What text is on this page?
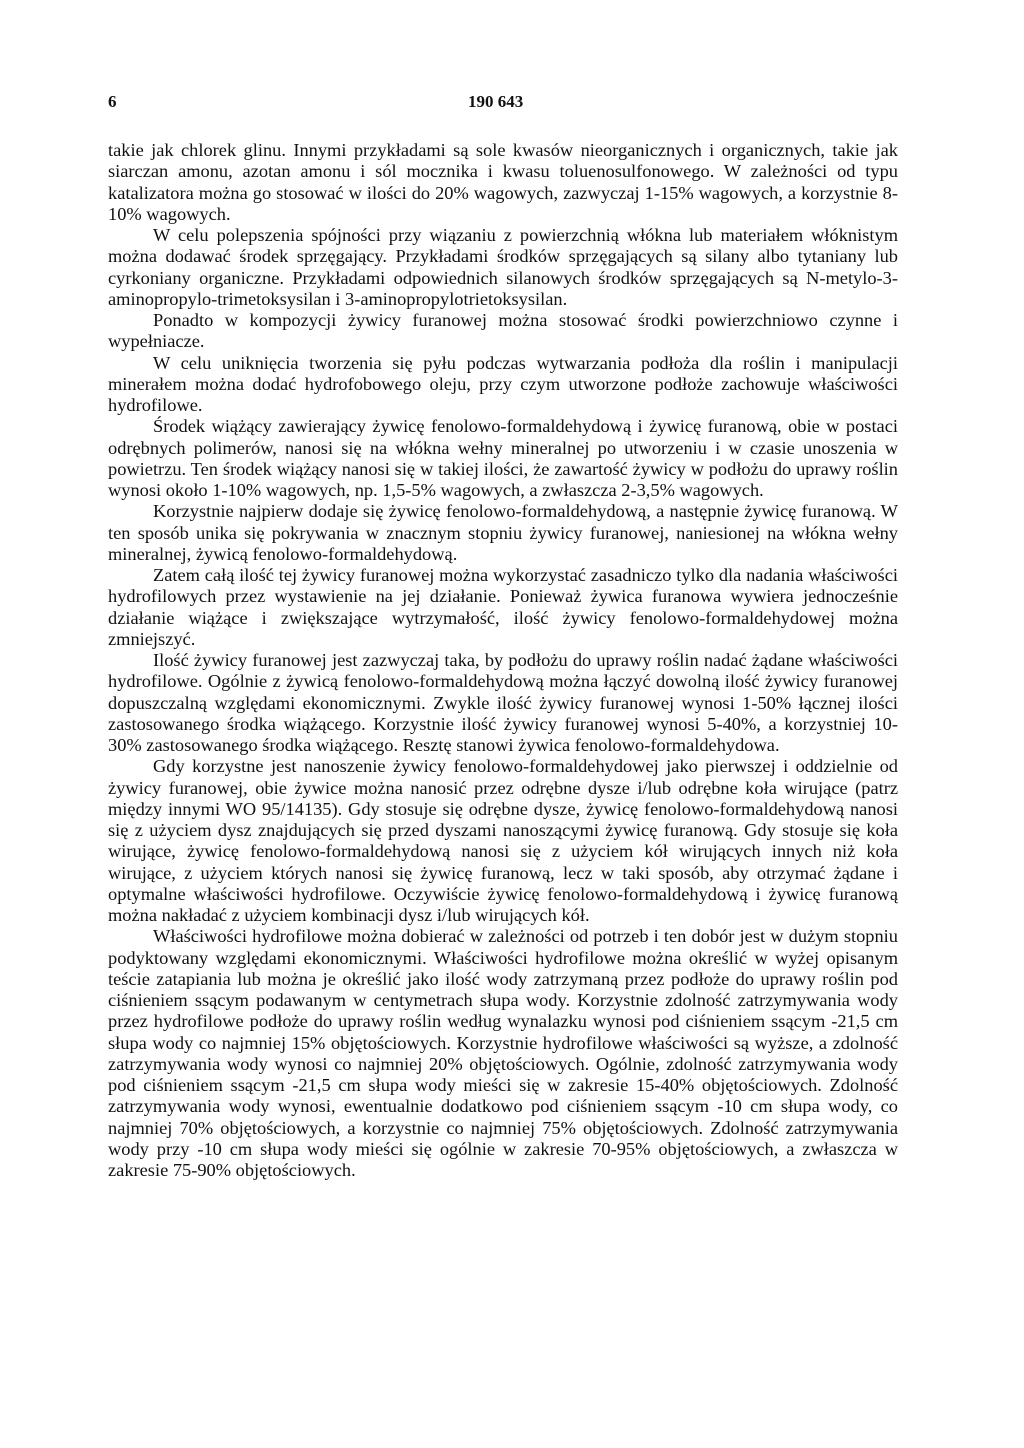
6	190 643

takie jak chlorek glinu. Innymi przykładami są sole kwasów nieorganicznych i organicznych, takie jak siarczan amonu, azotan amonu i sól mocznika i kwasu toluenosulfonowego. W zależności od typu katalizatora można go stosować w ilości do 20% wagowych, zazwyczaj 1-15% wagowych, a korzystnie 8-10% wagowych.

W celu polepszenia spójności przy wiązaniu z powierzchnią włókna lub materiałem włóknistym można dodawać środek sprzęgający. Przykładami środków sprzęgających są silany albo tytaniany lub cyrkoniany organiczne. Przykładami odpowiednich silanowych środków sprzęgających są N-metylo-3-aminopropylo-trimetoksysilan i 3-aminopropylotrietoksysilan.

Ponadto w kompozycji żywicy furanowej można stosować środki powierzchniowo czynne i wypełniacze.

W celu uniknięcia tworzenia się pyłu podczas wytwarzania podłoża dla roślin i manipulacji minerałem można dodać hydrofobowego oleju, przy czym utworzone podłoże zachowuje właściwości hydrofilowe.

Środek wiążący zawierający żywicę fenolowo-formaldehydową i żywicę furanową, obie w postaci odrębnych polimerów, nanosi się na włókna wełny mineralnej po utworzeniu i w czasie unoszenia w powietrzu. Ten środek wiążący nanosi się w takiej ilości, że zawartość żywicy w podłożu do uprawy roślin wynosi około 1-10% wagowych, np. 1,5-5% wagowych, a zwłaszcza 2-3,5% wagowych.

Korzystnie najpierw dodaje się żywicę fenolowo-formaldehydową, a następnie żywicę furanową. W ten sposób unika się pokrywania w znacznym stopniu żywicy furanowej, naniesionej na włókna wełny mineralnej, żywicą fenolowo-formaldehydową.

Zatem całą ilość tej żywicy furanowej można wykorzystać zasadniczo tylko dla nadania właściwości hydrofilowych przez wystawienie na jej działanie. Ponieważ żywica furanowa wywiera jednocześnie działanie wiążące i zwiększające wytrzymałość, ilość żywicy fenolowo-formaldehydowej można zmniejszyć.

Ilość żywicy furanowej jest zazwyczaj taka, by podłożu do uprawy roślin nadać żądane właściwości hydrofilowe. Ogólnie z żywicą fenolowo-formaldehydową można łączyć dowolną ilość żywicy furanowej dopuszczalną względami ekonomicznymi. Zwykle ilość żywicy furanowej wynosi 1-50% łącznej ilości zastosowanego środka wiążącego. Korzystnie ilość żywicy furanowej wynosi 5-40%, a korzystniej 10-30% zastosowanego środka wiążącego. Resztę stanowi żywica fenolowo-formaldehydowa.

Gdy korzystne jest nanoszenie żywicy fenolowo-formaldehydowej jako pierwszej i oddzielnie od żywicy furanowej, obie żywice można nanosić przez odrębne dysze i/lub odrębne koła wirujące (patrz między innymi WO 95/14135). Gdy stosuje się odrębne dysze, żywicę fenolowo-formaldehydową nanosi się z użyciem dysz znajdujących się przed dyszami nanoszącymi żywicę furanową. Gdy stosuje się koła wirujące, żywicę fenolowo-formaldehydową nanosi się z użyciem kół wirujących innych niż koła wirujące, z użyciem których nanosi się żywicę furanową, lecz w taki sposób, aby otrzymać żądane i optymalne właściwości hydrofilowe. Oczywiście żywicę fenolowo-formaldehydową i żywicę furanową można nakładać z użyciem kombinacji dysz i/lub wirujących kół.

Właściwości hydrofilowe można dobierać w zależności od potrzeb i ten dobór jest w dużym stopniu podyktowany względami ekonomicznymi. Właściwości hydrofilowe można określić w wyżej opisanym teście zatapiania lub można je określić jako ilość wody zatrzymaną przez podłoże do uprawy roślin pod ciśnieniem ssącym podawanym w centymetrach słupa wody. Korzystnie zdolność zatrzymywania wody przez hydrofilowe podłoże do uprawy roślin według wynalazku wynosi pod ciśnieniem ssącym -21,5 cm słupa wody co najmniej 15% objętościowych. Korzystnie hydrofilowe właściwości są wyższe, a zdolność zatrzymywania wody wynosi co najmniej 20% objętościowych. Ogólnie, zdolność zatrzymywania wody pod ciśnieniem ssącym -21,5 cm słupa wody mieści się w zakresie 15-40% objętościowych. Zdolność zatrzymywania wody wynosi, ewentualnie dodatkowo pod ciśnieniem ssącym -10 cm słupa wody, co najmniej 70% objętościowych, a korzystnie co najmniej 75% objętościowych. Zdolność zatrzymywania wody przy -10 cm słupa wody mieści się ogólnie w zakresie 70-95% objętościowych, a zwłaszcza w zakresie 75-90% objętościowych.
